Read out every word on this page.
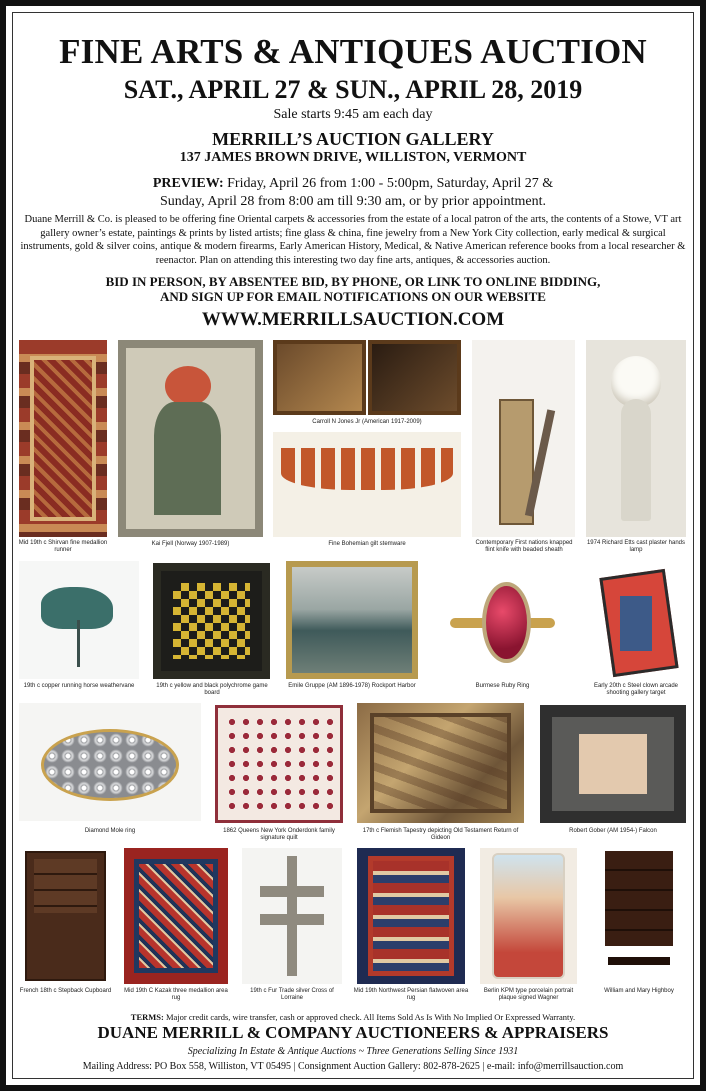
FINE ARTS & ANTIQUES AUCTION
SAT., APRIL 27 & SUN., APRIL 28, 2019
Sale starts 9:45 am each day
MERRILL’S AUCTION GALLERY
137 JAMES BROWN DRIVE, WILLISTON, VERMONT
PREVIEW: Friday, April 26 from 1:00 - 5:00pm, Saturday, April 27 &
Sunday, April 28 from 8:00 am till 9:30 am, or by prior appointment.
Duane Merrill & Co. is pleased to be offering fine Oriental carpets & accessories from the estate of a local patron of the arts, the contents of a Stowe, VT art gallery owner’s estate, paintings & prints by listed artists; fine glass & china, fine jewelry from a New York City collection, early medical & surgical instruments, gold & silver coins, antique & modern firearms, Early American History, Medical, & Native American reference books from a local researcher & reenactor. Plan on attending this interesting two day fine arts, antiques, & accessories auction.
BID IN PERSON, BY ABSENTEE BID, BY PHONE, OR LINK TO ONLINE BIDDING,
AND SIGN UP FOR EMAIL NOTIFICATIONS ON OUR WEBSITE
WWW.MERRILLSAUCTION.COM
Mid 19th c Shirvan fine medallion runner
Kai Fjell (Norway 1907-1989)
Carroll N Jones Jr (American 1917-2009)
Fine Bohemian gilt stemware	Contemporary First nations knapped flint knife with beaded sheath
1974 Richard Etts cast plaster hands lamp
19th c copper running horse weathervane	19th c yellow and black polychrome game board
Emile Gruppe (AM 1896-1978) Rockport Harbor	Burmese Ruby Ring	Early 20th c Steel clown arcade shooting gallery target
Diamond Mole ring	1862 Queens New York Onderdonk family signature quilt
17th c Flemish Tapestry depicting Old Testament Return of Gideon
Robert Gober (AM 1954-) Falcon
French 18th c Stepback Cupboard	Mid 19th C Kazak three medallion area rug
19th c Fur Trade silver Cross of Lorraine
Mid 19th Northwest Persian flatwoven area rug
Berlin KPM type porcelain portrait plaque signed Wagner
William and Mary Highboy
TERMS: Major credit cards, wire transfer, cash or approved check. All Items Sold As Is With No Implied Or Expressed Warranty.
DUANE MERRILL & COMPANY AUCTIONEERS & APPRAISERS
Specializing In Estate & Antique Auctions ~ Three Generations Selling Since 1931
Mailing Address: PO Box 558, Williston, VT 05495 | Consignment Auction Gallery: 802-878-2625 | e-mail: info@merrillsauction.com
